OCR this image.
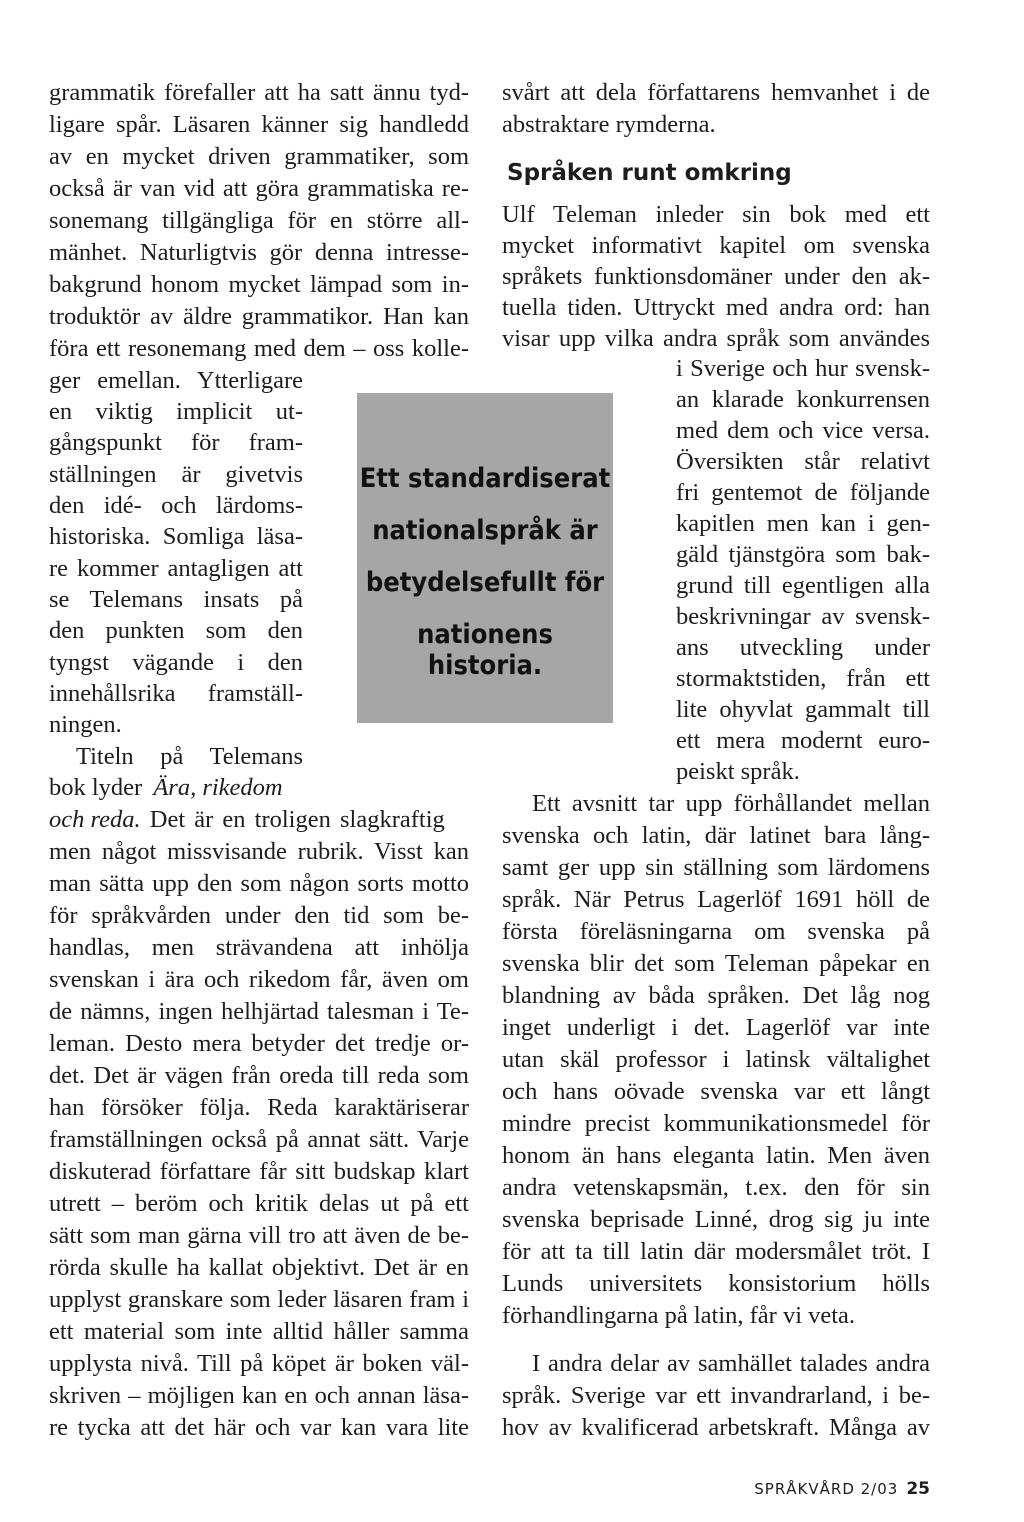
grammatik förefaller att ha satt ännu tyd-
ligare spår. Läsaren känner sig handledd
av en mycket driven grammatiker, som
också är van vid att göra grammatiska re-
sonemang tillgängliga för en större all-
mänhet. Naturligtvis gör denna intresse-
bakgrund honom mycket lämpad som in-
troduktör av äldre grammatikor. Han kan
föra ett resonemang med dem – oss kolle-
ger emellan. Ytterligare
en viktig implicit ut-
gångspunkt för fram-
ställningen är givetvis
den idé- och lärdoms-
historiska. Somliga läsa-
re kommer antagligen att
se Telemans insats på
den punkten som den
tyngst vägande i den
innehållsrika framställ-
ningen.
Titeln på Telemans
bok lyder Ära, rikedom
och reda. Det är en troligen slagkraftig
men något missvisande rubrik. Visst kan
man sätta upp den som någon sorts motto
för språkvården under den tid som be-
handlas, men strävandena att inhölja
svenskan i ära och rikedom får, även om
de nämns, ingen helhjärtad talesman i Te-
leman. Desto mera betyder det tredje or-
det. Det är vägen från oreda till reda som
han försöker följa. Reda karaktäriserar
framställningen också på annat sätt. Varje
diskuterad författare får sitt budskap klart
utrett – beröm och kritik delas ut på ett
sätt som man gärna vill tro att även de be-
rörda skulle ha kallat objektivt. Det är en
upplyst granskare som leder läsaren fram i
ett material som inte alltid håller samma
upplysta nivå. Till på köpet är boken väl-
skriven – möjligen kan en och annan läsa-
re tycka att det här och var kan vara lite
Ett standardiserat
nationalspråk är
betydelsefullt för
nationens historia.
svårt att dela författarens hemvanhet i de
abstraktare rymderna.
Språken runt omkring
Ulf Teleman inleder sin bok med ett
mycket informativt kapitel om svenska
språkets funktionsdomäner under den ak-
tuella tiden. Uttryckt med andra ord: han
visar upp vilka andra språk som användes
i Sverige och hur svensk-
an klarade konkurrensen
med dem och vice versa.
Översikten står relativt
fri gentemot de följande
kapitlen men kan i gen-
gäld tjänstgöra som bak-
grund till egentligen alla
beskrivningar av svensk-
ans utveckling under
stormaktstiden, från ett
lite ohyvlat gammalt till
ett mera modernt euro-
peiskt språk.
Ett avsnitt tar upp förhållandet mellan
svenska och latin, där latinet bara lång-
samt ger upp sin ställning som lärdomens
språk. När Petrus Lagerlöf 1691 höll de
första föreläsningarna om svenska på
svenska blir det som Teleman påpekar en
blandning av båda språken. Det låg nog
inget underligt i det. Lagerlöf var inte
utan skäl professor i latinsk vältalighet
och hans oövade svenska var ett långt
mindre precist kommunikationsmedel för
honom än hans eleganta latin. Men även
andra vetenskapsmän, t.ex. den för sin
svenska beprisade Linné, drog sig ju inte
för att ta till latin där modersmålet tröt. I
Lunds universitets konsistorium hölls
förhandlingarna på latin, får vi veta.
I andra delar av samhället talades andra
språk. Sverige var ett invandrarland, i be-
hov av kvalificerad arbetskraft. Många av
SPRÅKVÅRD 2/03 25
